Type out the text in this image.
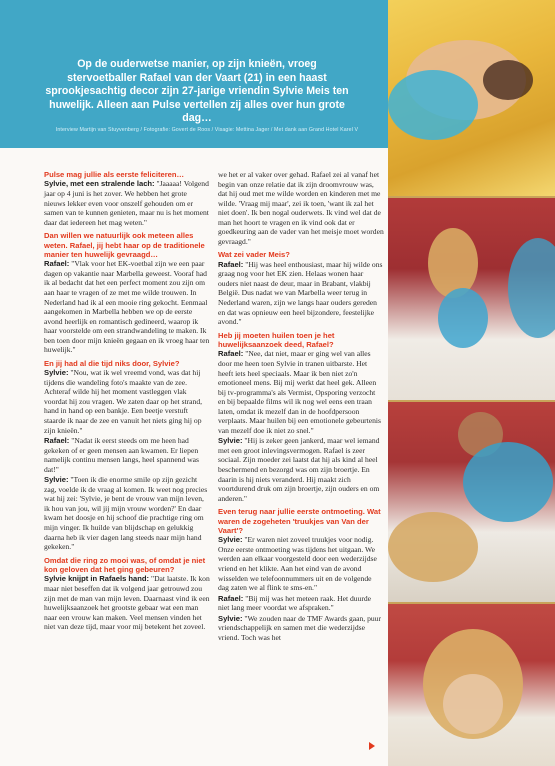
Op de ouderwetse manier, op zijn knieën, vroeg stervoetballer Rafael van der Vaart (21) in een haast sprookjesachtig decor zijn 27-jarige vriendin Sylvie Meis ten huwelijk. Alleen aan Pulse vertellen zij alles over hun grote dag…

Interview Martijn van Stuyvenberg / Fotografie: Govert de Roos / Visagie: Mettina Jager / Met dank aan Grand Hotel Karel V

Pulse mag jullie als eerste feliciteren…

Sylvie, met een stralende lach: "Jaaaaa! Volgend jaar op 4 juni is het zover. We hebben het grote nieuws lekker even voor onszelf gehouden om er samen van te kunnen genieten, maar nu is het moment daar dat iedereen het mag weten."

Dan willen we natuurlijk ook meteen alles weten. Rafael, jij hebt haar op de traditionele manier ten huwelijk gevraagd…

Rafael: "Vlak voor het EK-voetbal zijn we een paar dagen op vakantie naar Marbella geweest. Vooraf had ik al bedacht dat het een perfect moment zou zijn om aan haar te vragen of ze met me wilde trouwen. In Nederland had ik al een mooie ring gekocht. Eenmaal aangekomen in Marbella hebben we op de eerste avond heerlijk en romantisch gedineerd, waarop ik haar voorstelde om een strandwandeling te maken. Ik ben toen door mijn knieën gegaan en ik vroeg haar ten huwelijk."

En jij had al die tijd niks door, Sylvie?

Sylvie: "Nou, wat ik wel vreemd vond, was dat hij tijdens die wandeling foto's maakte van de zee. Achteraf wilde hij het moment vastleggen vlak voordat hij zou vragen. We zaten daar op het strand, hand in hand op een bankje. Een beetje verstuft staarde ik naar de zee en vanuit het niets ging hij op zijn knieën."

Rafael: "Nadat ik eerst steeds om me heen had gekeken of er geen mensen aan kwamen. Er liepen namelijk continu mensen langs, heel spannend was dat!"

Sylvie: "Toen ik die enorme smile op zijn gezicht zag, voelde ik de vraag al komen. Ik weet nog precies wat hij zei: 'Sylvie, je bent de vrouw van mijn leven, ik hou van jou, wil jij mijn vrouw worden?' En daar kwam het doosje en hij schoof die prachtige ring om mijn vinger. Ik huilde van blijdschap en gelukkig daarna heb ik vier dagen lang steeds naar mijn hand gekeken."

Omdat die ring zo mooi was, of omdat je niet kon geloven dat het ging gebeuren?

Sylvie knijpt in Rafaels hand: "Dat laatste. Ik kon maar niet beseffen dat ik volgend jaar getrouwd zou zijn met de man van mijn leven. Daarnaast vind ik een huwelijksaanzoek het grootste gebaar wat een man naar een vrouw kan maken. Veel mensen vinden het niet van deze tijd, maar voor mij betekent het zoveel.

we het er al vaker over gehad. Rafael zei al vanaf het begin van onze relatie dat ik zijn droomvrouw was, dat hij oud met me wilde worden en kinderen met me wilde. 'Vraag mij maar', zei ik toen, 'want ik zal het niet doen'. Ik ben nogal ouderwets. Ik vind wel dat de man het hoort te vragen en ik vind ook dat er goedkeuring aan de vader van het meisje moet worden gevraagd."

Wat zei vader Meis?

Rafael: "Hij was heel enthousiast, maar hij wilde ons graag nog voor het EK zien. Helaas wonen haar ouders niet naast de deur, maar in Brabant, vlakbij België. Dus nadat we van Marbella weer terug in Nederland waren, zijn we langs haar ouders gereden en dat was opnieuw een heel bijzondere, feestelijke avond."

Heb jij moeten huilen toen je het huwelijksaanzoek deed, Rafael?

Rafael: "Nee, dat niet, maar er ging wel van alles door me heen toen Sylvie in tranen uitbarste. Het heeft iets heel speciaals. Maar ik ben niet zo'n emotioneel mens. Bij mij werkt dat heel gek. Alleen bij tv-programma's als Vermist, Opsporing verzocht en bij bepaalde films wil ik nog wel eens een traan laten, omdat ik mezelf dan in de hoofdpersoon verplaats. Maar huilen bij een emotionele gebeurtenis van mezelf doe ik niet zo snel."

Sylvie: "Hij is zeker geen jankerd, maar wel iemand met een groot inlevingsvermogen. Rafael is zeer sociaal. Zijn moeder zei laatst dat hij als kind al heel beschermend en bezorgd was om zijn broertje. En daarin is hij niets veranderd. Hij maakt zich voortdurend druk om zijn broertje, zijn ouders en om anderen."

Even terug naar jullie eerste ontmoeting. Wat waren de zogeheten 'truukjes van Van der Vaart'?

Sylvie: "Er waren niet zoveel truukjes voor nodig. Onze eerste ontmoeting was tijdens het uitgaan. We werden aan elkaar voorgesteld door een wederzijdse vriend en het klikte. Aan het eind van de avond wisselden we telefoonnummers uit en de volgende dag zaten we al flink te sms-en."

Rafael: "Bij mij was het meteen raak. Het duurde niet lang meer voordat we afspraken."

Sylvie: "We zouden naar de TMF Awards gaan, puur vriendschappelijk en samen met die wederzijdse vriend. Toch was het
